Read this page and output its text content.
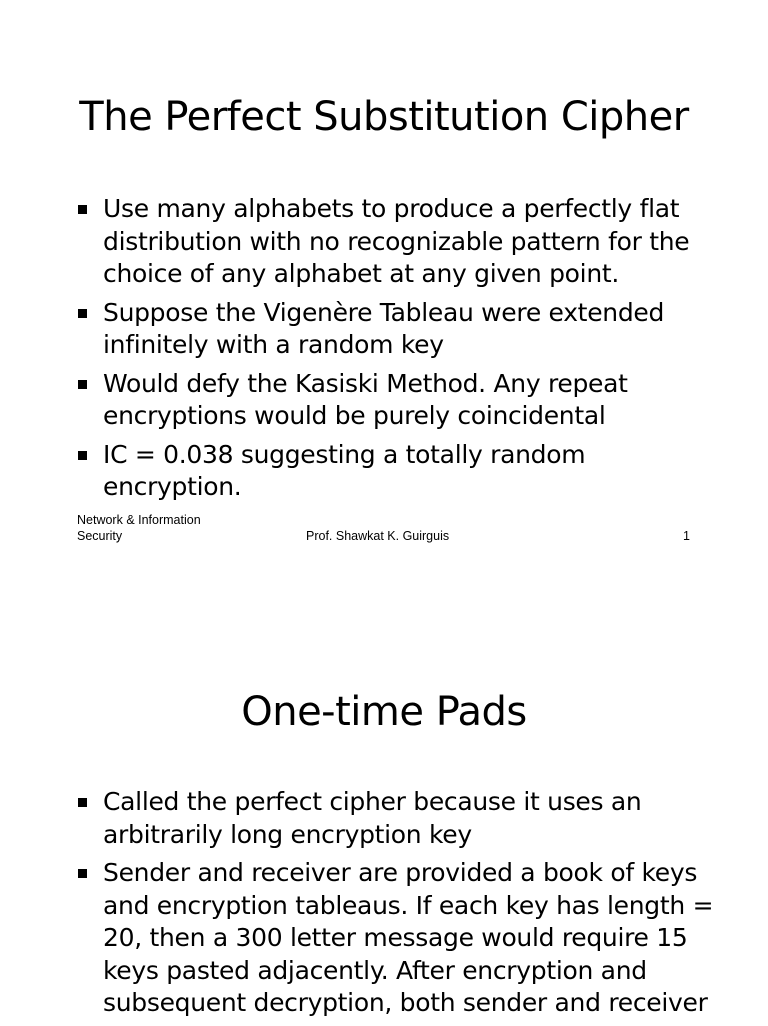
The Perfect Substitution Cipher
Use many alphabets to produce a perfectly flat distribution with no recognizable pattern for the choice of any alphabet at any given point.
Suppose the Vigenère Tableau were extended infinitely with a random key
Would defy the Kasiski Method. Any repeat encryptions would be purely coincidental
IC = 0.038 suggesting a totally random encryption.
Network & Information Security	Prof. Shawkat K. Guirguis	1
One-time Pads
Called the perfect cipher because it uses an arbitrarily long encryption key
Sender and receiver are provided a book of keys and encryption tableaus. If each key has length = 20, then a 300 letter message would require 15 keys pasted adjacently. After encryption and subsequent decryption, both sender and receiver
